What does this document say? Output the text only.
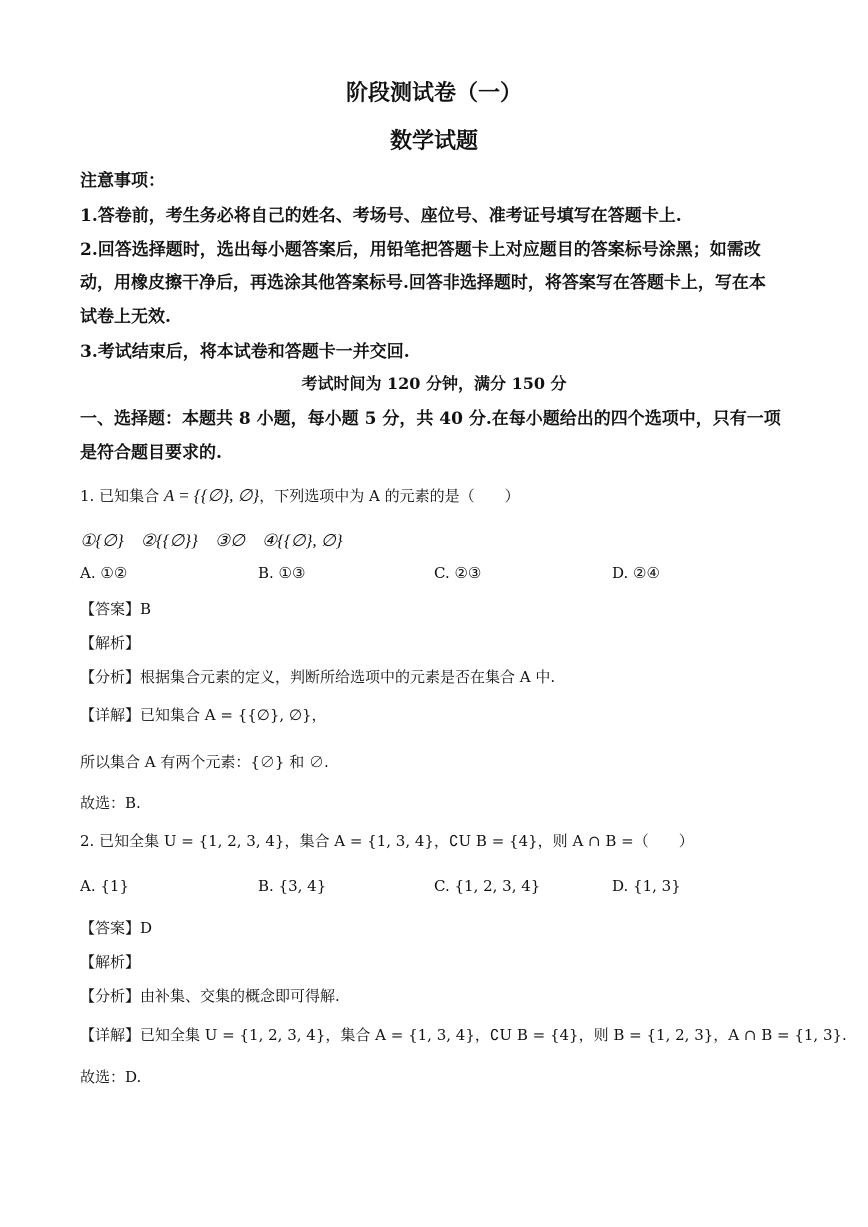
阶段测试卷（一）
数学试题
注意事项：
1.答卷前，考生务必将自己的姓名、考场号、座位号、准考证号填写在答题卡上.
2.回答选择题时，选出每小题答案后，用铅笔把答题卡上对应题目的答案标号涂黑；如需改
动，用橡皮擦干净后，再选涂其他答案标号.回答非选择题时，将答案写在答题卡上，写在本
试卷上无效.
3.考试结束后，将本试卷和答题卡一并交回.
考试时间为 120 分钟，满分 150 分
一、选择题：本题共 8 小题，每小题 5 分，共 40 分.在每小题给出的四个选项中，只有一项
是符合题目要求的.
1. 已知集合 A = {{∅}, ∅}，下列选项中为 A 的元素的是（　　）
①{∅}　②{{∅}}　③∅　④{{∅}, ∅}
A. ①②	B. ①③	C. ②③	D. ②④
【答案】B
【解析】
【分析】根据集合元素的定义，判断所给选项中的元素是否在集合 A 中.
【详解】已知集合 A = {{∅}, ∅}，
所以集合 A 有两个元素：{∅} 和 ∅.
故选：B.
2. 已知全集 U = {1, 2, 3, 4}，集合 A = {1, 3, 4}，∁U B = {4}，则 A ∩ B =（　　）
A. {1}	B. {3, 4}	C. {1, 2, 3, 4}	D. {1, 3}
【答案】D
【解析】
【分析】由补集、交集的概念即可得解.
【详解】已知全集 U = {1, 2, 3, 4}，集合 A = {1, 3, 4}，∁U B = {4}，则 B = {1, 2, 3}，A ∩ B = {1, 3}.
故选：D.
